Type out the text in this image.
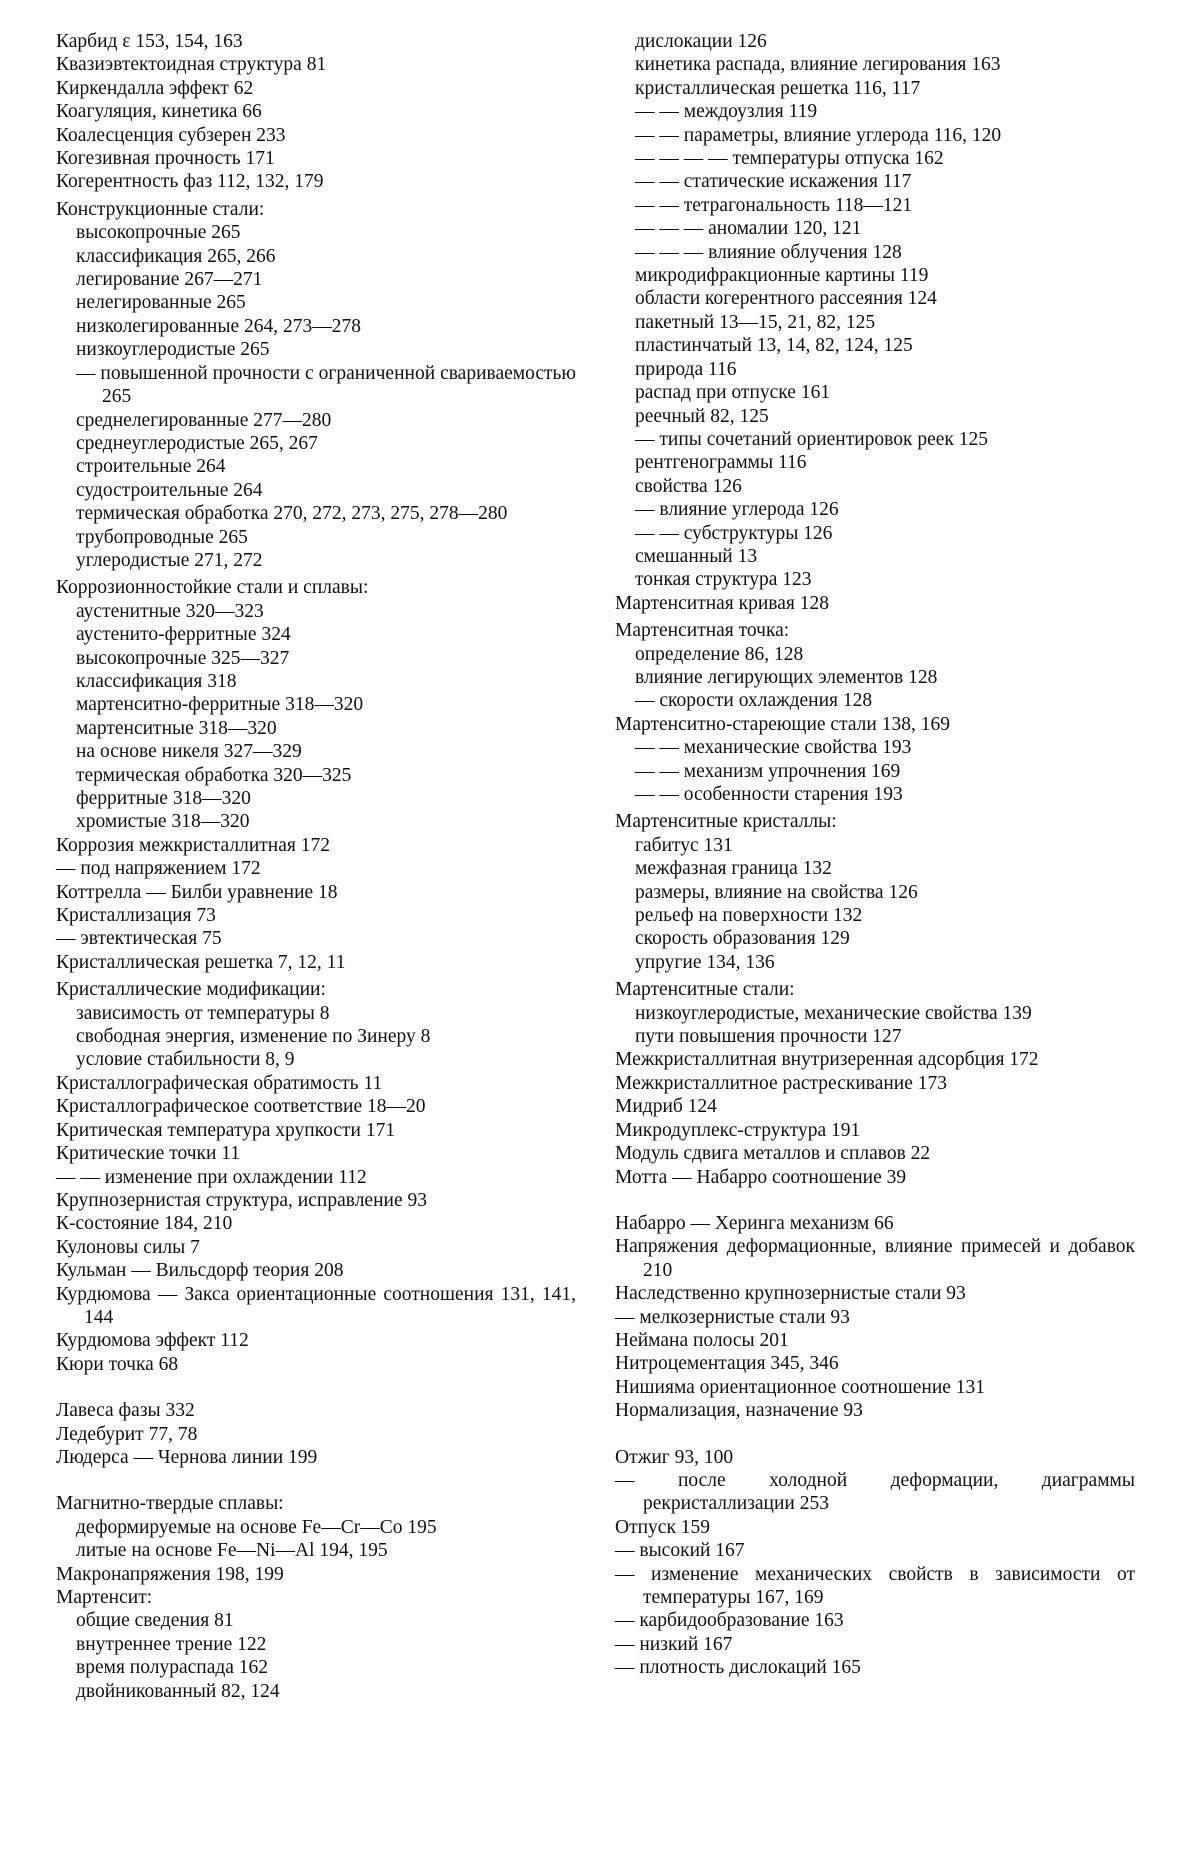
Карбид ε 153, 154, 163
Квазиэвтектоидная структура 81
Киркендалла эффект 62
Коагуляция, кинетика 66
Коалесценция субзерен 233
Когезивная прочность 171
Когерентность фаз 112, 132, 179
Конструкционные стали:
высокопрочные 265
классификация 265, 266
легирование 267—271
нелегированные 265
низколегированные 264, 273—278
низкоуглеродистые 265
— повышенной прочности с ограниченной свариваемостью 265
среднелегированные 277—280
среднеуглеродистые 265, 267
строительные 264
судостроительные 264
термическая обработка 270, 272, 273, 275, 278—280
трубопроводные 265
углеродистые 271, 272
Коррозионностойкие стали и сплавы:
аустенитные 320—323
аустенито-ферритные 324
высокопрочные 325—327
классификация 318
мартенситно-ферритные 318—320
мартенситные 318—320
на основе никеля 327—329
термическая обработка 320—325
ферритные 318—320
хромистые 318—320
Коррозия межкристаллитная 172
— под напряжением 172
Коттрелла — Билби уравнение 18
Кристаллизация 73
— эвтектическая 75
Кристаллическая решетка 7, 12, 11
Кристаллические модификации:
зависимость от температуры 8
свободная энергия, изменение по Зинеру 8
условие стабильности 8, 9
Кристаллографическая обратимость 11
Кристаллографическое соответствие 18—20
Критическая температура хрупкости 171
Критические точки 11
— — изменение при охлаждении 112
Крупнозернистая структура, исправление 93
К-состояние 184, 210
Кулоновы силы 7
Кульман — Вильсдорф теория 208
Курдюмова — Закса ориентационные соотношения 131, 141, 144
Курдюмова эффект 112
Кюри точка 68
Лавеса фазы 332
Ледебурит 77, 78
Людерса — Чернова линии 199
Магнитно-твердые сплавы:
деформируемые на основе Fe—Cr—Co 195
литые на основе Fe—Ni—Al 194, 195
Макронапряжения 198, 199
Мартенсит:
общие сведения 81
внутреннее трение 122
время полураспада 162
двойникованный 82, 124
дислокации 126
кинетика распада, влияние легирования 163
кристаллическая решетка 116, 117
— — междоузлия 119
— — параметры, влияние углерода 116, 120
— — — — температуры отпуска 162
— — статические искажения 117
— — тетрагональность 118—121
— — — аномалии 120, 121
— — — влияние облучения 128
микродифракционные картины 119
области когерентного рассеяния 124
пакетный 13—15, 21, 82, 125
пластинчатый 13, 14, 82, 124, 125
природа 116
распад при отпуске 161
реечный 82, 125
— типы сочетаний ориентировок реек 125
рентгенограммы 116
свойства 126
— влияние углерода 126
— — субструктуры 126
смешанный 13
тонкая структура 123
Мартенситная кривая 128
Мартенситная точка:
определение 86, 128
влияние легирующих элементов 128
— скорости охлаждения 128
Мартенситно-стареющие стали 138, 169
— — механические свойства 193
— — механизм упрочнения 169
— — особенности старения 193
Мартенситные кристаллы:
габитус 131
межфазная граница 132
размеры, влияние на свойства 126
рельеф на поверхности 132
скорость образования 129
упругие 134, 136
Мартенситные стали:
низкоуглеродистые, механические свойства 139
пути повышения прочности 127
Межкристаллитная внутризеренная адсорбция 172
Межкристаллитное растрескивание 173
Мидриб 124
Микродуплекс-структура 191
Модуль сдвига металлов и сплавов 22
Мотта — Набарро соотношение 39
Набарро — Херинга механизм 66
Напряжения деформационные, влияние примесей и добавок 210
Наследственно крупнозернистые стали 93
— мелкозернистые стали 93
Неймана полосы 201
Нитроцементация 345, 346
Нишияма ориентационное соотношение 131
Нормализация, назначение 93
Отжиг 93, 100
— после холодной деформации, диаграммы рекристаллизации 253
Отпуск 159
— высокий 167
— изменение механических свойств в зависимости от температуры 167, 169
— карбидообразование 163
— низкий 167
— плотность дислокаций 165
